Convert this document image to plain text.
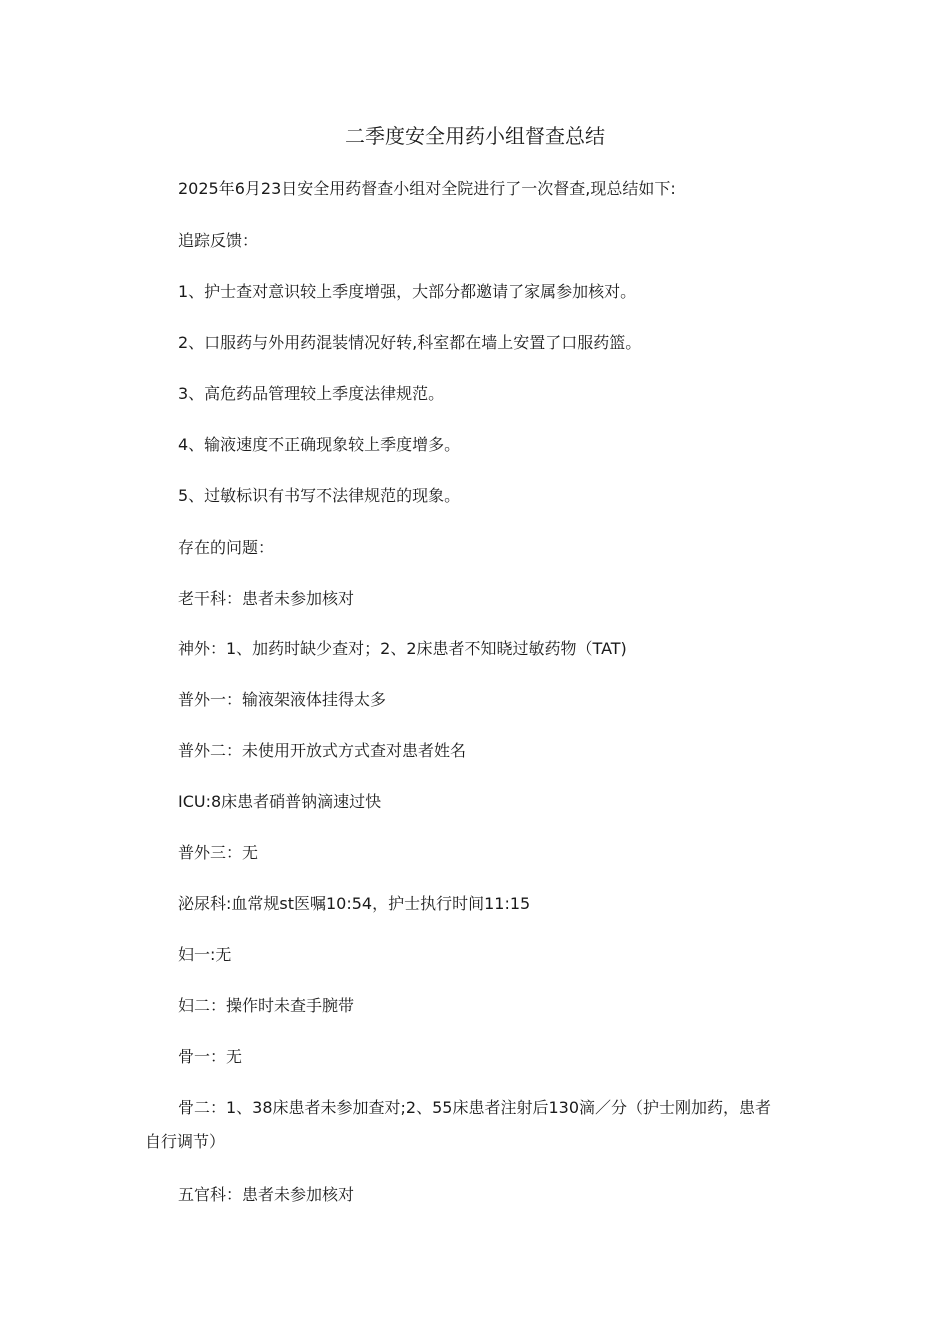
二季度安全用药小组督查总结
2025年6月23日安全用药督查小组对全院进行了一次督查,现总结如下:
追踪反馈：
1、护士查对意识较上季度增强，大部分都邀请了家属参加核对。
2、口服药与外用药混装情况好转,科室都在墙上安置了口服药篮。
3、高危药品管理较上季度法律规范。
4、输液速度不正确现象较上季度增多。
5、过敏标识有书写不法律规范的现象。
存在的问题：
老干科：患者未参加核对
神外：1、加药时缺少查对；2、2床患者不知晓过敏药物（TAT)
普外一：输液架液体挂得太多
普外二：未使用开放式方式查对患者姓名
ICU:8床患者硝普钠滴速过快
普外三：无
泌尿科:血常规st医嘱10:54，护士执行时间11:15
妇一:无
妇二：操作时未查手腕带
骨一：无
骨二：1、38床患者未参加查对;2、55床患者注射后130滴／分（护士刚加药，患者自行调节）
五官科：患者未参加核对
